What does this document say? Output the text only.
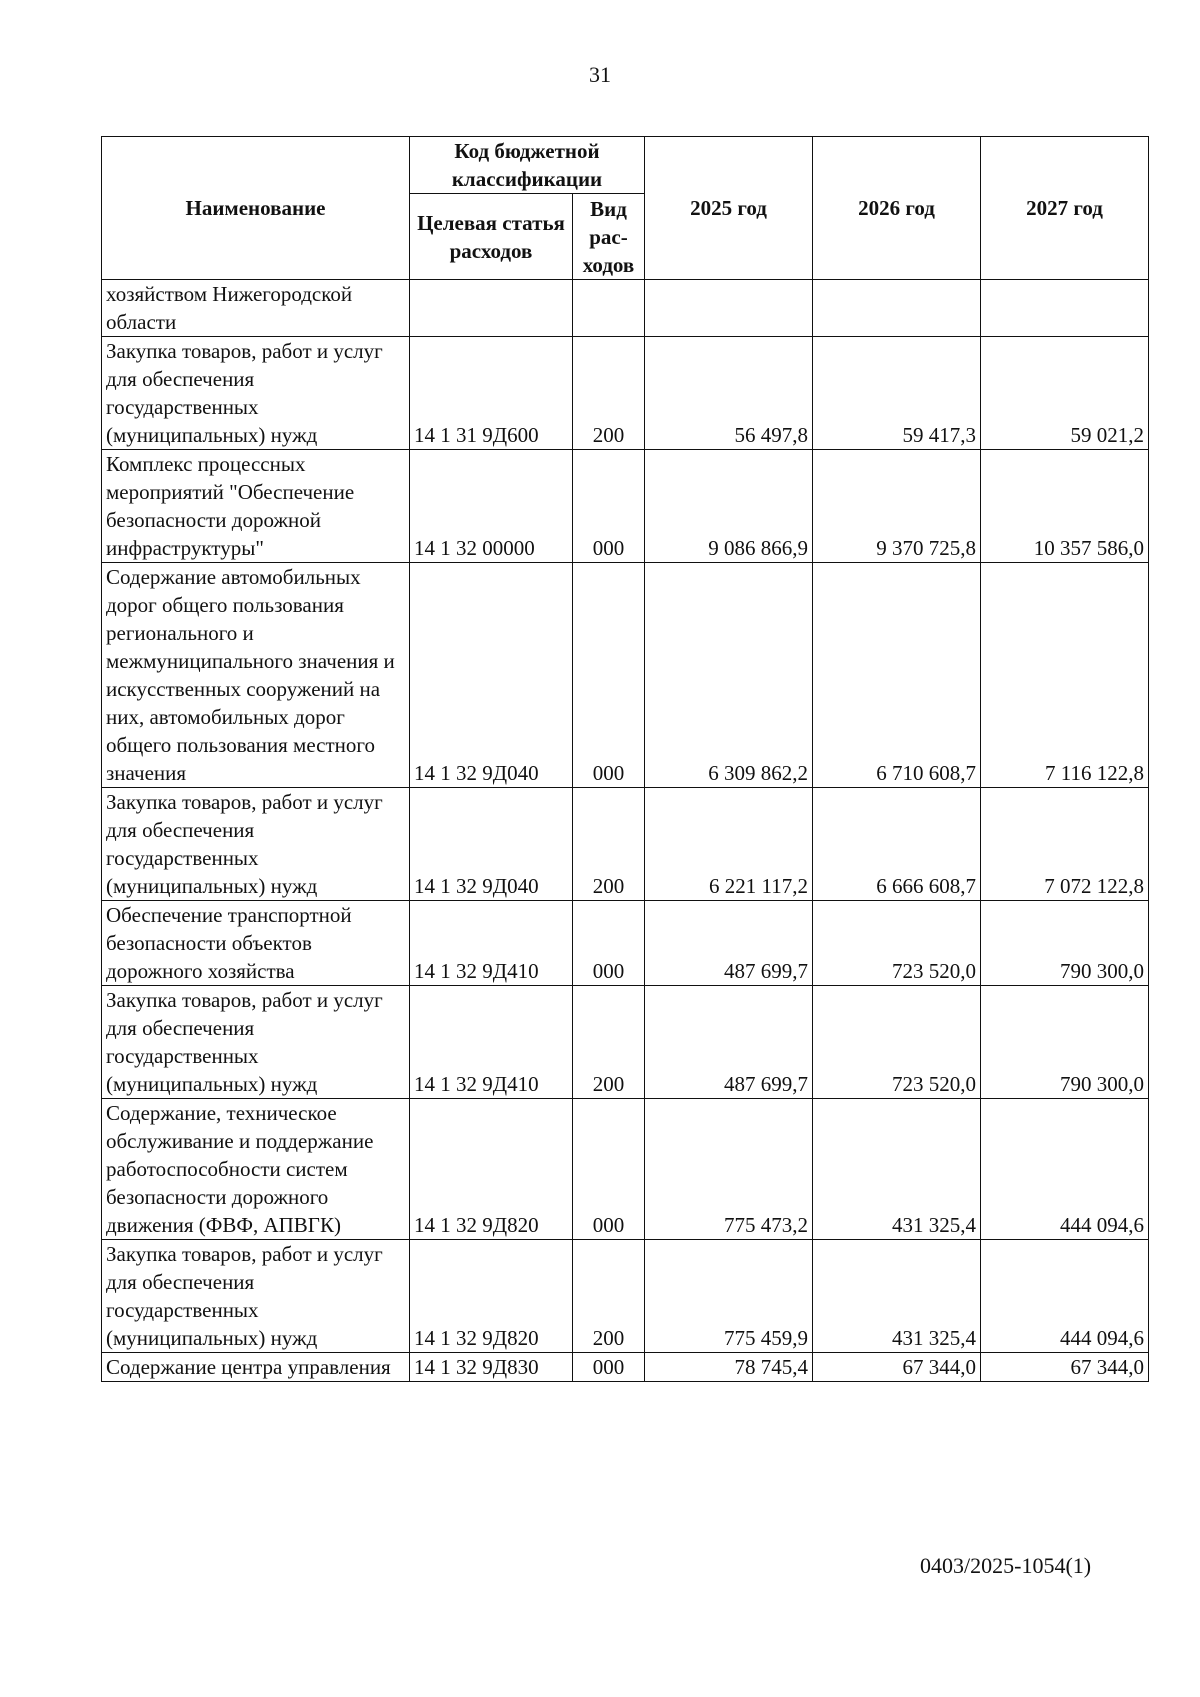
31
Наименование	Код бюджетной классификации		2025 год	2026 год	2027 год
	Целевая статья расходов	Вид рас-ходов			
хозяйством Нижегородской области					
Закупка товаров, работ и услуг для обеспечения государственных (муниципальных) нужд	14 1 31 9Д600	200	56 497,8	59 417,3	59 021,2
Комплекс процессных мероприятий "Обеспечение безопасности дорожной инфраструктуры"	14 1 32 00000	000	9 086 866,9	9 370 725,8	10 357 586,0
Содержание автомобильных дорог общего пользования регионального и межмуниципального значения и искусственных сооружений на них, автомобильных дорог общего пользования местного значения	14 1 32 9Д040	000	6 309 862,2	6 710 608,7	7 116 122,8
Закупка товаров, работ и услуг для обеспечения государственных (муниципальных) нужд	14 1 32 9Д040	200	6 221 117,2	6 666 608,7	7 072 122,8
Обеспечение транспортной безопасности объектов дорожного хозяйства	14 1 32 9Д410	000	487 699,7	723 520,0	790 300,0
Закупка товаров, работ и услуг для обеспечения государственных (муниципальных) нужд	14 1 32 9Д410	200	487 699,7	723 520,0	790 300,0
Содержание, техническое обслуживание и поддержание работоспособности систем безопасности дорожного движения (ФВФ, АПВГК)	14 1 32 9Д820	000	775 473,2	431 325,4	444 094,6
Закупка товаров, работ и услуг для обеспечения государственных (муниципальных) нужд	14 1 32 9Д820	200	775 459,9	431 325,4	444 094,6
Содержание центра управления	14 1 32 9Д830	000	78 745,4	67 344,0	67 344,0
0403/2025-1054(1)
